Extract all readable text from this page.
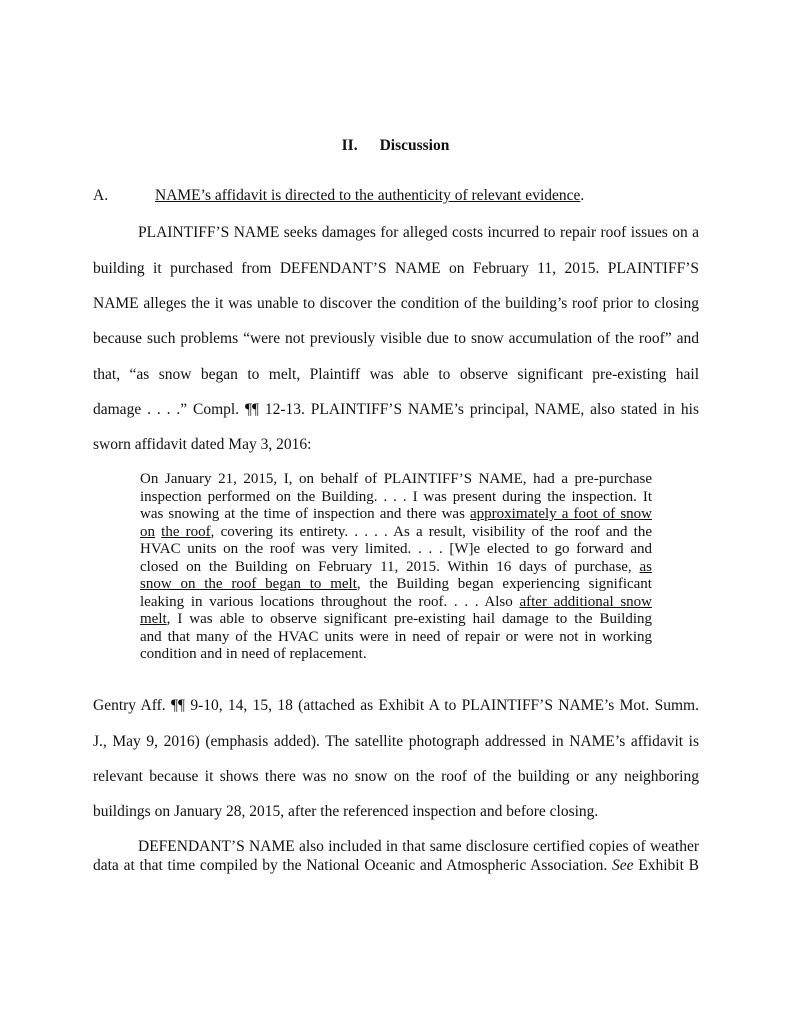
II. Discussion
A.	NAME’s affidavit is directed to the authenticity of relevant evidence.
PLAINTIFF’S NAME seeks damages for alleged costs incurred to repair roof issues on a
building it purchased from DEFENDANT’S NAME on February 11, 2015. PLAINTIFF’S
NAME alleges the it was unable to discover the condition of the building’s roof prior to closing
because such problems “were not previously visible due to snow accumulation of the roof” and
that, “as snow began to melt, Plaintiff was able to observe significant pre-existing hail
damage . . . .” Compl. ¶¶ 12-13. PLAINTIFF’S NAME’s principal, NAME, also stated in his
sworn affidavit dated May 3, 2016:
On January 21, 2015, I, on behalf of PLAINTIFF’S NAME, had a pre-purchase
inspection performed on the Building. . . . I was present during the inspection. It
was snowing at the time of inspection and there was approximately a foot of snow
on the roof, covering its entirety. . . . . As a result, visibility of the roof and the
HVAC units on the roof was very limited. . . . [W]e elected to go forward and
closed on the Building on February 11, 2015. Within 16 days of purchase, as
snow on the roof began to melt, the Building began experiencing significant
leaking in various locations throughout the roof. . . . Also after additional snow
melt, I was able to observe significant pre-existing hail damage to the Building
and that many of the HVAC units were in need of repair or were not in working
condition and in need of replacement.
Gentry Aff. ¶¶ 9-10, 14, 15, 18 (attached as Exhibit A to PLAINTIFF’S NAME’s Mot. Summ.
J., May 9, 2016) (emphasis added). The satellite photograph addressed in NAME’s affidavit is
relevant because it shows there was no snow on the roof of the building or any neighboring
buildings on January 28, 2015, after the referenced inspection and before closing.
DEFENDANT’S NAME also included in that same disclosure certified copies of weather
data at that time compiled by the National Oceanic and Atmospheric Association. See Exhibit B
